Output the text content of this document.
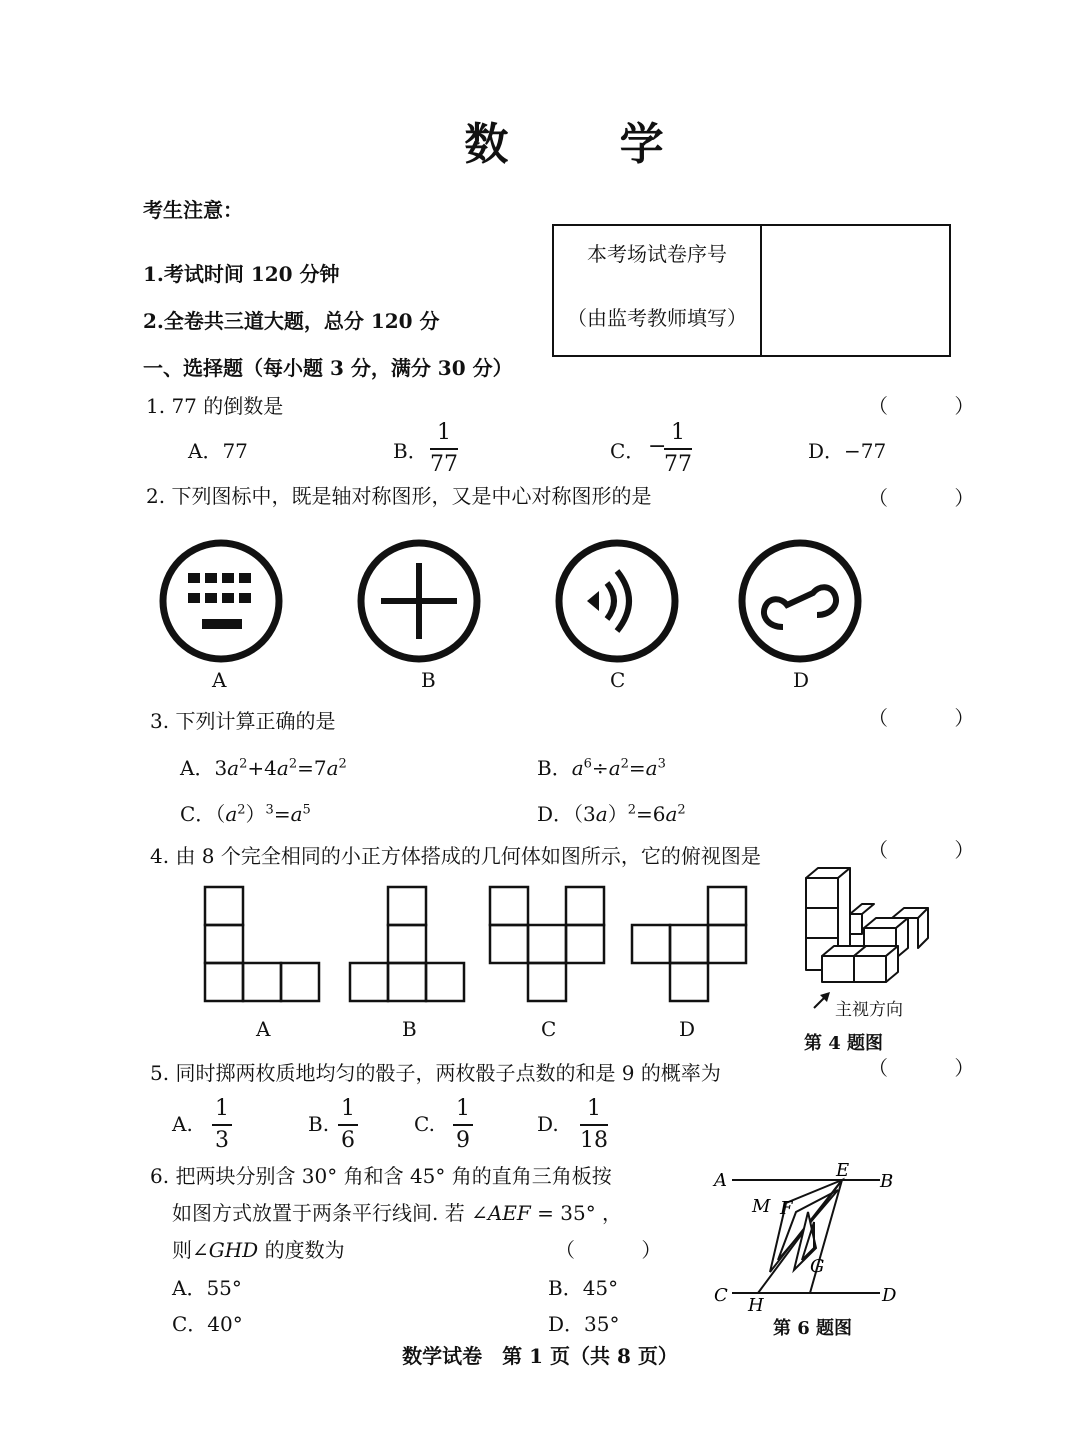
数 学
考生注意：
1.考试时间 120 分钟
2.全卷共三道大题，总分 120 分
本考场试卷序号
（由监考教师填写）
一、选择题（每小题 3 分，满分 30 分）
1. 77 的倒数是	（ ）
A．77	B． $\frac{1}{77}$	C． −
$\frac{1}{77}$	D．−77
2. 下列图标中，既是轴对称图形，又是中心对称图形的是	（ ）
A	B	C	D
3. 下列计算正确的是	（ ）
A．$3a^2+4a^2=7a^2$	B．$a^6\div a^2=a^3$
C．$(a^2)^3=a^5$	D．$(3a)^2=6a^2$
4. 由 8 个完全相同的小正方体搭成的几何体如图所示，它的俯视图是	（ ）
A	B	C	D
主视方向
第 4 题图
5. 同时掷两枚质地均匀的骰子，两枚骰子点数的和是 9 的概率为	（ ）
A. $\frac{1}{3}$	B. $\frac{1}{6}$	C. $\frac{1}{9}$	D. $\frac{1}{18}$
6. 把两块分别含 30° 角和含 45° 角的直角三角板按
如图方式放置于两条平行线间. 若 ∠AEF = 35° ，
则∠GHD 的度数为	（ ）
A．55°	B．45°
C．40°	D．35°
A	E
B
M F
G
C H	D
第 6 题图
数学试卷　第 1 页（共 8 页）
